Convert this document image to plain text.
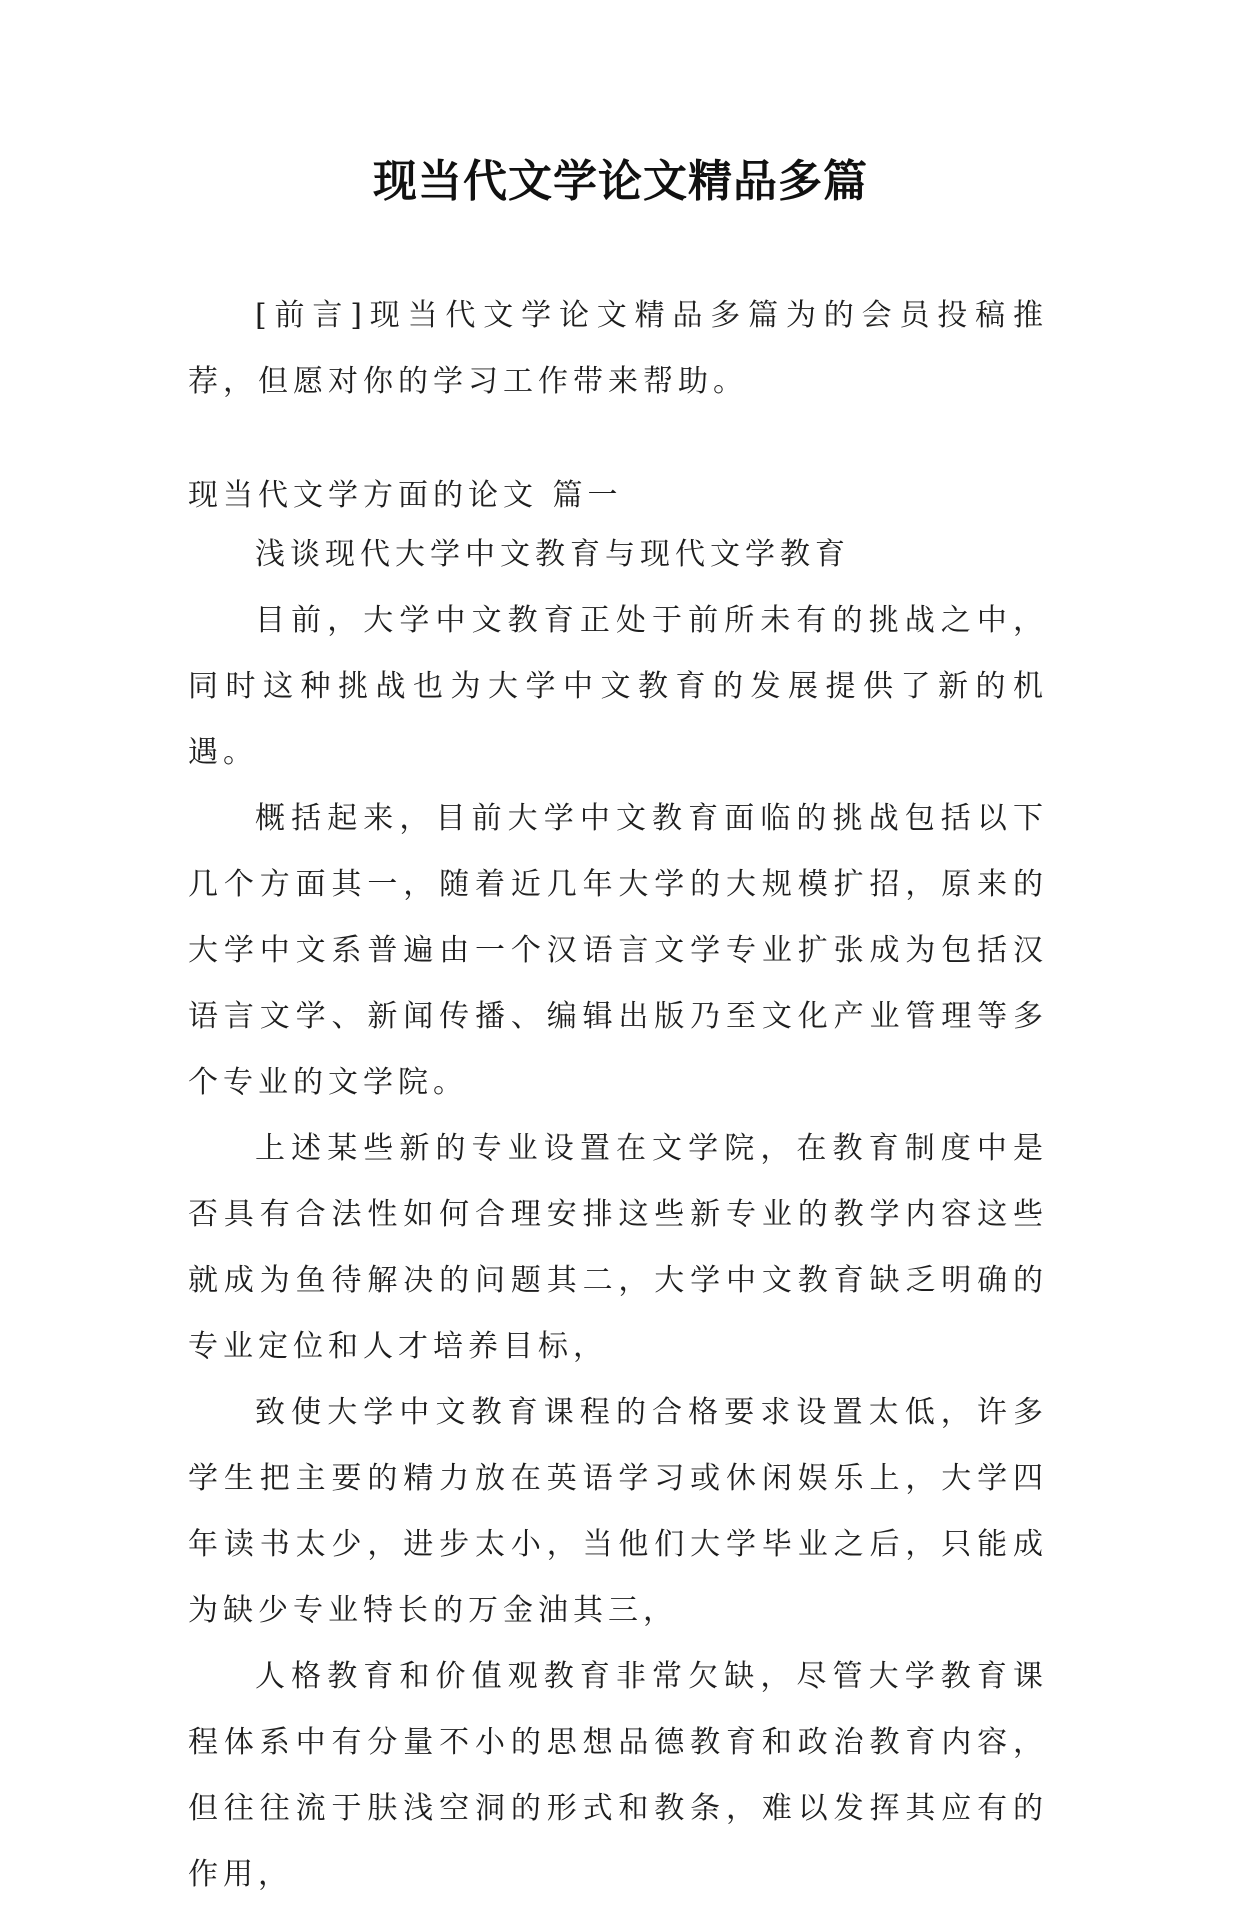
现当代文学论文精品多篇

[前言]现当代文学论文精品多篇为的会员投稿推荐，但愿对你的学习工作带来帮助。

现当代文学方面的论文 篇一

浅谈现代大学中文教育与现代文学教育

目前，大学中文教育正处于前所未有的挑战之中，同时这种挑战也为大学中文教育的发展提供了新的机遇。

概括起来，目前大学中文教育面临的挑战包括以下几个方面其一，随着近几年大学的大规模扩招，原来的大学中文系普遍由一个汉语言文学专业扩张成为包括汉语言文学、新闻传播、编辑出版乃至文化产业管理等多个专业的文学院。

上述某些新的专业设置在文学院，在教育制度中是否具有合法性如何合理安排这些新专业的教学内容这些就成为鱼待解决的问题其二，大学中文教育缺乏明确的专业定位和人才培养目标，

致使大学中文教育课程的合格要求设置太低，许多学生把主要的精力放在英语学习或休闲娱乐上，大学四年读书太少，进步太小，当他们大学毕业之后，只能成为缺少专业特长的万金油其三，

人格教育和价值观教育非常欠缺，尽管大学教育课程体系中有分量不小的思想品德教育和政治教育内容，但往往流于肤浅空洞的形式和教条，难以发挥其应有的作用，
